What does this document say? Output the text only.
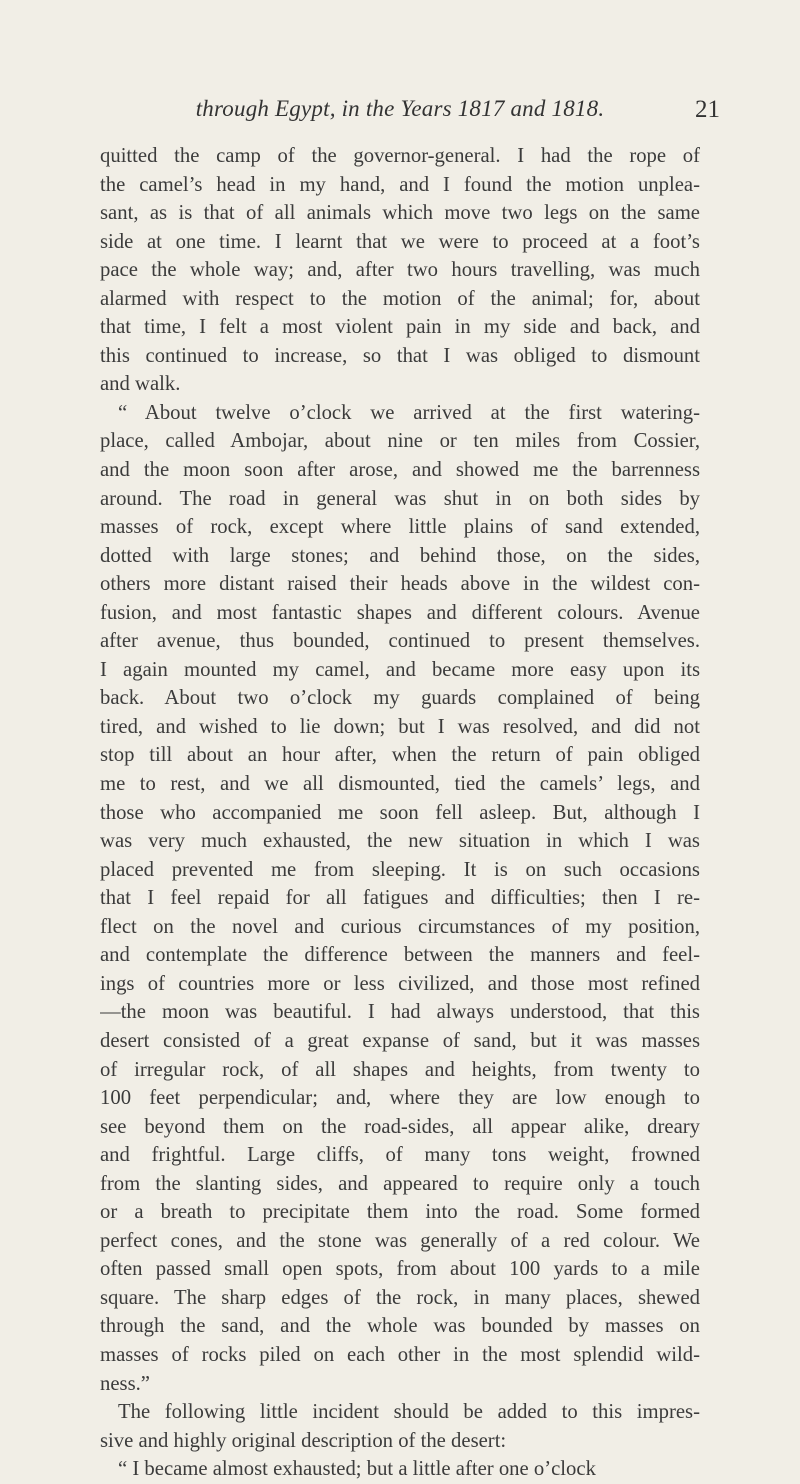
through Egypt, in the Years 1817 and 1818.	21
quitted the camp of the governor-general. I had the rope of
the camel’s head in my hand, and I found the motion unplea-
sant, as is that of all animals which move two legs on the same
side at one time. I learnt that we were to proceed at a foot’s
pace the whole way; and, after two hours travelling, was much
alarmed with respect to the motion of the animal; for, about
that time, I felt a most violent pain in my side and back, and
this continued to increase, so that I was obliged to dismount
and walk.
“ About twelve o’clock we arrived at the first watering-
place, called Ambojar, about nine or ten miles from Cossier,
and the moon soon after arose, and showed me the barrenness
around. The road in general was shut in on both sides by
masses of rock, except where little plains of sand extended,
dotted with large stones; and behind those, on the sides,
others more distant raised their heads above in the wildest con-
fusion, and most fantastic shapes and different colours. Avenue
after avenue, thus bounded, continued to present themselves.
I again mounted my camel, and became more easy upon its
back. About two o’clock my guards complained of being
tired, and wished to lie down; but I was resolved, and did not
stop till about an hour after, when the return of pain obliged
me to rest, and we all dismounted, tied the camels’ legs, and
those who accompanied me soon fell asleep. But, although I
was very much exhausted, the new situation in which I was
placed prevented me from sleeping. It is on such occasions
that I feel repaid for all fatigues and difficulties; then I re-
flect on the novel and curious circumstances of my position,
and contemplate the difference between the manners and feel-
ings of countries more or less civilized, and those most refined
—the moon was beautiful. I had always understood, that this
desert consisted of a great expanse of sand, but it was masses
of irregular rock, of all shapes and heights, from twenty to
100 feet perpendicular; and, where they are low enough to
see beyond them on the road-sides, all appear alike, dreary
and frightful. Large cliffs, of many tons weight, frowned
from the slanting sides, and appeared to require only a touch
or a breath to precipitate them into the road. Some formed
perfect cones, and the stone was generally of a red colour. We
often passed small open spots, from about 100 yards to a mile
square. The sharp edges of the rock, in many places, shewed
through the sand, and the whole was bounded by masses on
masses of rocks piled on each other in the most splendid wild-
ness.”
The following little incident should be added to this impres-
sive and highly original description of the desert:
“ I became almost exhausted; but a little after one o’clock
